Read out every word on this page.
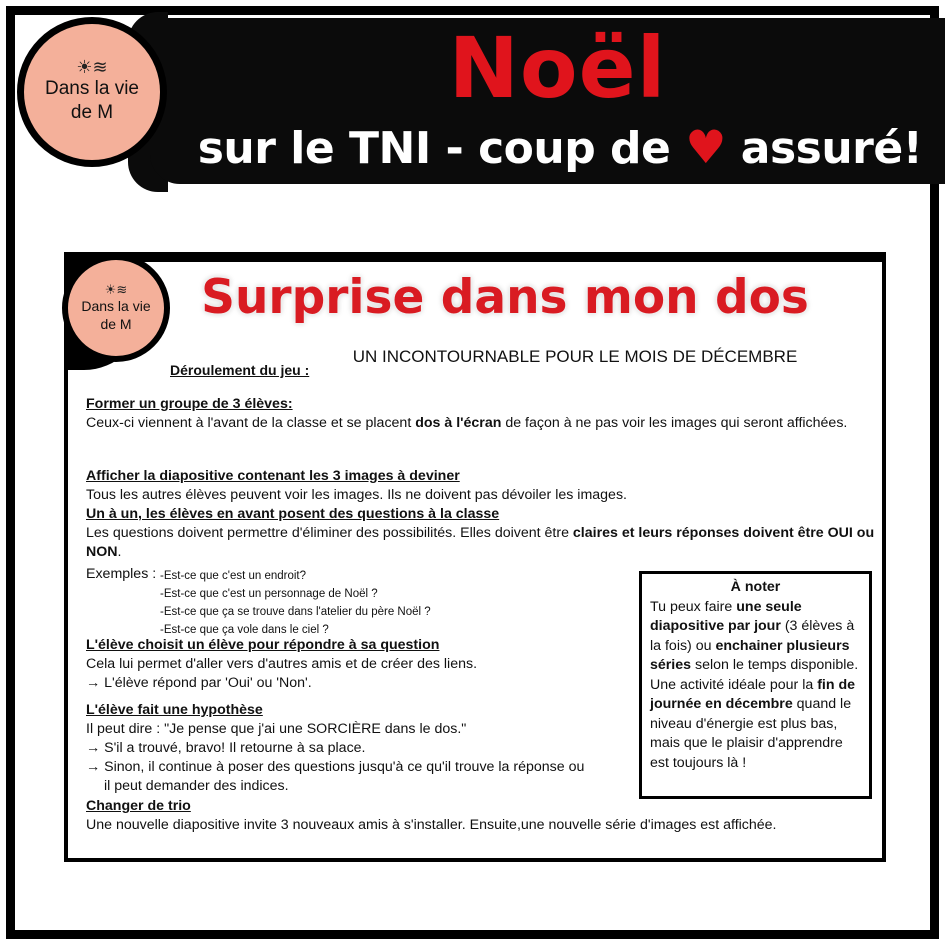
☀︎≋
Dans la vie
de M	Noël
sur le TNI - coup de ♥ assuré!
☀︎≋
Dans la vie
de M	Surprise dans mon dos
UN INCONTOURNABLE POUR LE MOIS DE DÉCEMBRE
Déroulement du jeu :
Former un groupe de 3 élèves:
Ceux-ci viennent à l'avant de la classe et se placent dos à l'écran de façon à ne pas voir les images qui seront affichées.
Afficher la diapositive contenant les 3 images à deviner
Tous les autres élèves peuvent voir les images. Ils ne doivent pas dévoiler les images.
Un à un, les élèves en avant posent des questions à la classe
Les questions doivent permettre d'éliminer des possibilités. Elles doivent être claires et leurs réponses doivent être OUI ou NON.
Exemples : -Est-ce que c'est un endroit?
-Est-ce que c'est un personnage de Noël ?
-Est-ce que ça se trouve dans l'atelier du père Noël ?
-Est-ce que ça vole dans le ciel ?
L'élève choisit un élève pour répondre à sa question
Cela lui permet d'aller vers d'autres amis et de créer des liens.
→ L'élève répond par 'Oui' ou 'Non'.
L'élève fait une hypothèse
Il peut dire : "Je pense que j'ai une SORCIÈRE dans le dos."
→ S'il a trouvé, bravo! Il retourne à sa place.
→ Sinon, il continue à poser des questions jusqu'à ce qu'il trouve la réponse ou
il peut demander des indices.
Changer de trio
Une nouvelle diapositive invite 3 nouveaux amis à s'installer. Ensuite,une nouvelle série d'images est affichée.
À noter
Tu peux faire une seule diapositive par jour (3 élèves à la fois) ou enchainer plusieurs séries selon le temps disponible.
Une activité idéale pour la fin de journée en décembre quand le niveau d'énergie est plus bas, mais que le plaisir d'apprendre est toujours là !
